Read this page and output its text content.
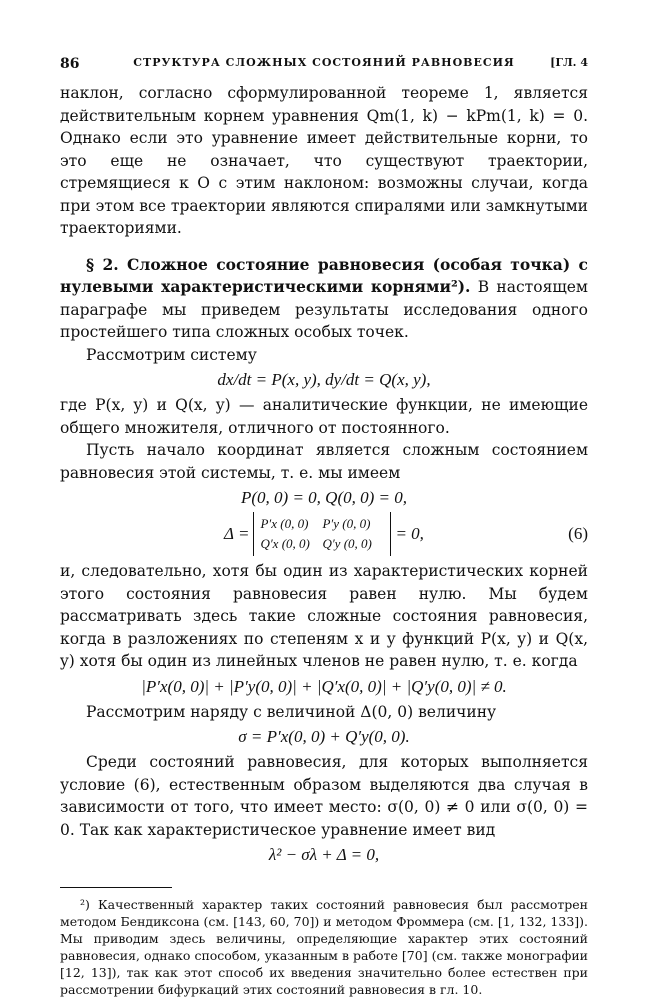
86	СТРУКТУРА СЛОЖНЫХ СОСТОЯНИЙ РАВНОВЕСИЯ	[ГЛ. 4

наклон, согласно сформулированной теореме 1, является действительным корнем уравнения Qm(1, k) − kPm(1, k) = 0. Однако если это уравнение имеет действительные корни, то это еще не означает, что существуют траектории, стремящиеся к O с этим наклоном: возможны случаи, когда при этом все траектории являются спиралями или замкнутыми траекториями.

§ 2. Сложное состояние равновесия (особая точка) с нулевыми характеристическими корнями²). В настоящем параграфе мы приведем результаты исследования одного простейшего типа сложных особых точек.

Рассмотрим систему

dx/dt = P(x, y), dy/dt = Q(x, y),

где P(x, y) и Q(x, y) — аналитические функции, не имеющие общего множителя, отличного от постоянного.

Пусть начало координат является сложным состоянием равновесия этой системы, т. е. мы имеем

P(0, 0) = 0, Q(0, 0) = 0,
Δ =
P′x (0, 0) P′y (0, 0)
Q′x (0, 0) Q′y (0, 0)
= 0,	(6)

и, следовательно, хотя бы один из характеристических корней этого состояния равновесия равен нулю. Мы будем рассматривать здесь такие сложные состояния равновесия, когда в разложениях по степеням x и y функций P(x, y) и Q(x, y) хотя бы один из линейных членов не равен нулю, т. е. когда

|P′x(0, 0)| + |P′y(0, 0)| + |Q′x(0, 0)| + |Q′y(0, 0)| ≠ 0.

Рассмотрим наряду с величиной Δ(0, 0) величину

σ = P′x(0, 0) + Q′y(0, 0).

Среди состояний равновесия, для которых выполняется условие (6), естественным образом выделяются два случая в зависимости от того, что имеет место: σ(0, 0) ≠ 0 или σ(0, 0) = 0. Так как характеристическое уравнение имеет вид

λ² − σλ + Δ = 0,

²) Качественный характер таких состояний равновесия был рассмотрен методом Бендиксона (см. [143, 60, 70]) и методом Фроммера (см. [1, 132, 133]). Мы приводим здесь величины, определяющие характер этих состояний равновесия, однако способом, указанным в работе [70] (см. также монографии [12, 13]), так как этот способ их введения значительно более естествен при рассмотрении бифуркаций этих состояний равновесия в гл. 10.
